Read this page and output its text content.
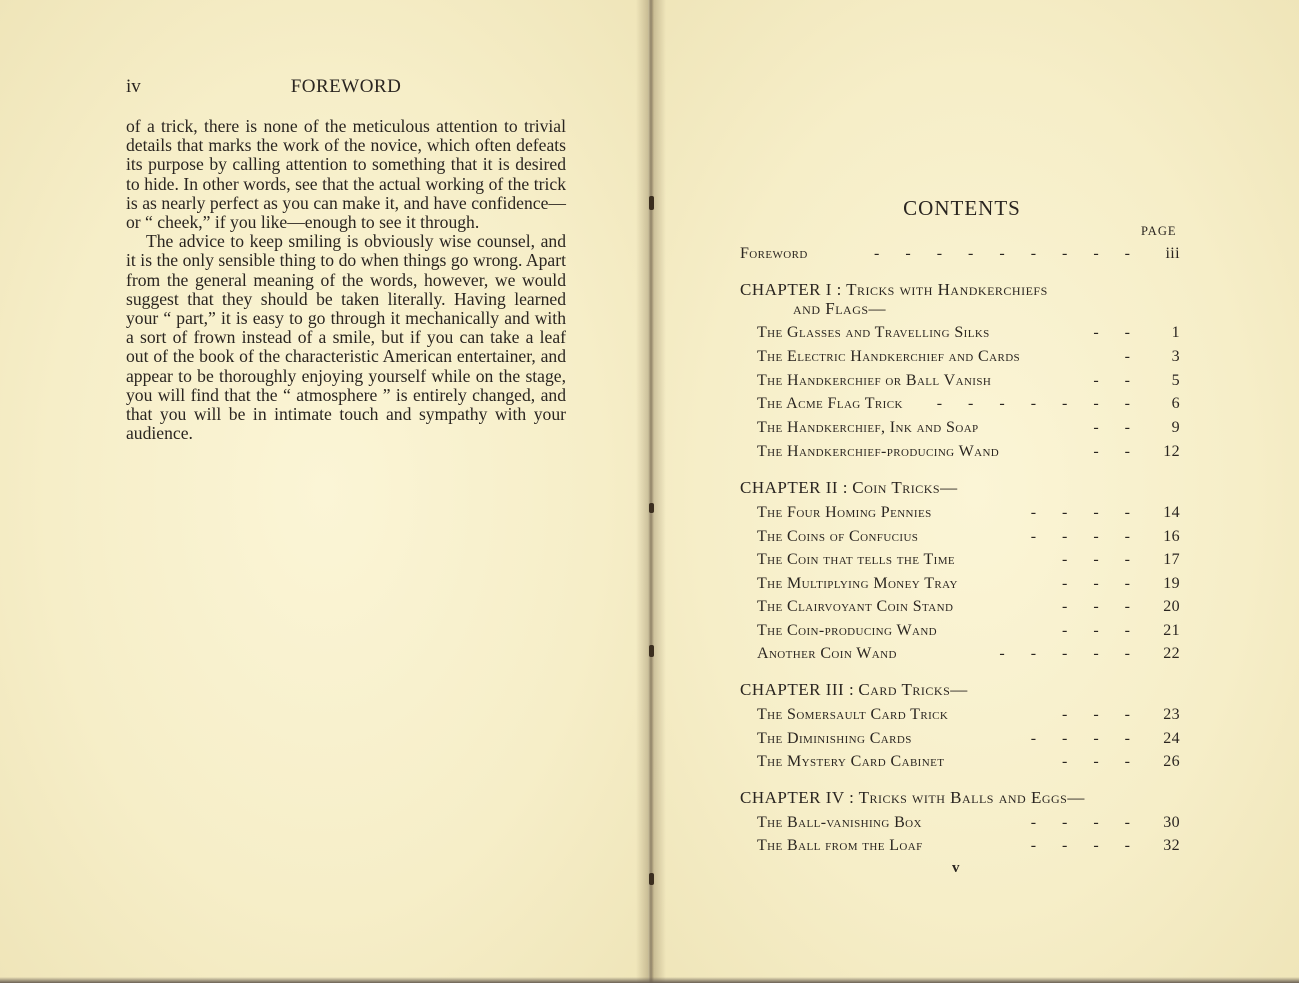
iv	FOREWORD

of a trick, there is none of the meticulous attention to trivial details that marks the work of the novice, which often defeats its purpose by calling attention to something that it is desired to hide. In other words, see that the actual working of the trick is as nearly perfect as you can make it, and have confidence—or “ cheek,” if you like—enough to see it through.

The advice to keep smiling is obviously wise counsel, and it is the only sensible thing to do when things go wrong. Apart from the general meaning of the words, however, we would suggest that they should be taken literally. Having learned your “ part,” it is easy to go through it mechanically and with a sort of frown instead of a smile, but if you can take a leaf out of the book of the characteristic American entertainer, and appear to be thoroughly enjoying yourself while on the stage, you will find that the “ atmosphere ” is entirely changed, and that you will be in intimate touch and sympathy with your audience.

CONTENTS
PAGE
Foreword	-    -    -    -    -    -    -    -    - iii
CHAPTER I : Tricks with Handkerchiefs
and Flags—
The Glasses and Travelling Silks	-    - 1
The Electric Handkerchief and Cards	- 3
The Handkerchief or Ball Vanish	-    - 5
The Acme Flag Trick -    -    -    -    -    -    - 6
The Handkerchief, Ink and Soap	-    - 9
The Handkerchief-producing Wand	-    - 12
CHAPTER II : Coin Tricks—
The Four Homing Pennies	-    -    -    - 14
The Coins of Confucius	-    -    -    - 16
The Coin that tells the Time	-    -    - 17
The Multiplying Money Tray	-    -    - 19
The Clairvoyant Coin Stand	-    -    - 20
The Coin-producing Wand	-    -    - 21
Another Coin Wand	-    -    -    -    - 22
CHAPTER III : Card Tricks—
The Somersault Card Trick	-    -    - 23
The Diminishing Cards	-    -    -    - 24
The Mystery Card Cabinet	-    -    - 26
CHAPTER IV : Tricks with Balls and Eggs—
The Ball-vanishing Box	-    -    -    - 30
The Ball from the Loaf	-    -    -    - 32
v
